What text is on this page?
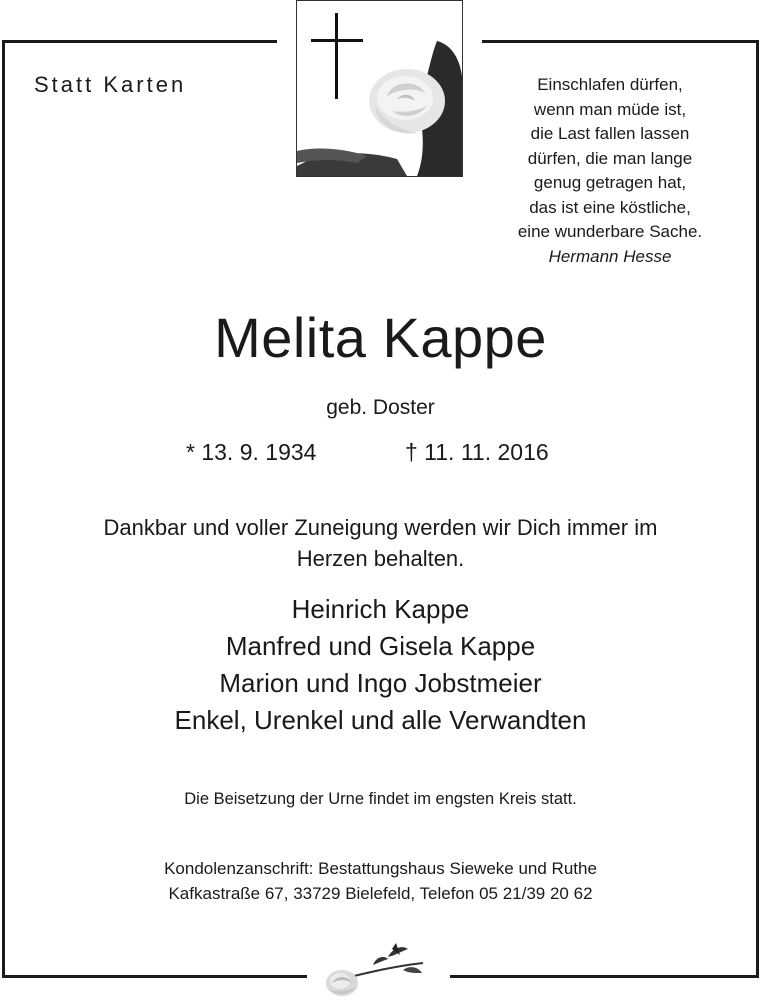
Statt Karten	Einschlafen dürfen,
wenn man müde ist,
die Last fallen lassen
dürfen, die man lange
genug getragen hat,
das ist eine köstliche,
eine wunderbare Sache.
Hermann Hesse
Melita Kappe
geb. Doster
* 13. 9. 1934	† 11. 11. 2016
Dankbar und voller Zuneigung werden wir Dich immer im
Herzen behalten.
Heinrich Kappe
Manfred und Gisela Kappe
Marion und Ingo Jobstmeier
Enkel, Urenkel und alle Verwandten
Die Beisetzung der Urne findet im engsten Kreis statt.
Kondolenzanschrift: Bestattungshaus Sieweke und Ruthe
Kafkastraße 67, 33729 Bielefeld, Telefon 05 21/39 20 62
